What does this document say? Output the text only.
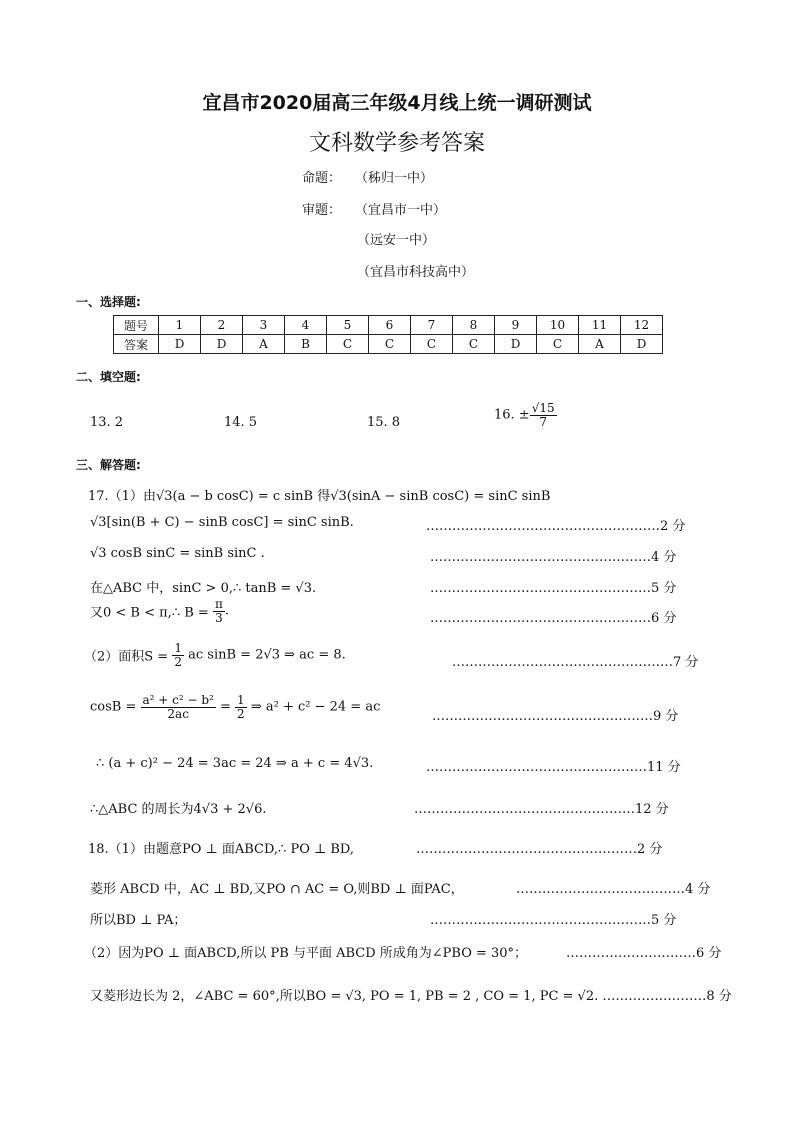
宜昌市2020届高三年级4月线上统一调研测试
文科数学参考答案
命题： （秭归一中）
审题： （宜昌市一中）
（远安一中）
（宜昌市科技高中）
一、选择题:
题号	1	2	3	4	5	6	7	8	9	10	11	12
答案	D	D	A	B	C	C	C	C	D	C	A	D
二、填空题:
13. 2	14. 5	15. 8	16. ± $\frac{√15}{7}$
三、解答题:
17.（1）由√3(a − b cosC) = c sinB 得√3(sinA − sinB cosC) = sinC sinB
√3[sin(B + C) − sinB cosC] = sinC sinB.	………………………………………………2 分
√3 cosB sinC = sinB sinC .	……………………………………………4 分
在△ABC 中，sinC > 0,∴ tanB = √3.	……………………………………………5 分
又0 < B < π,∴ $B = \frac{\pi}{3}$ .	……………………………………………6 分
（2）面积$S = \frac{1}{2}$ ac sinB = 2√3 ⇒ ac = 8.	……………………………………………7 分
$\cos B = \frac{\text{a² + c² − b²}}{2ac} = \frac{1}{2}$ ⇒ a² + c² − 24 = ac
……………………………………………9 分
∴ (a + c)² − 24 = 3ac = 24 ⇒ a + c = 4√3.	……………………………………………11 分
∴△ABC 的周长为4√3 + 2√6.	……………………………………………12 分
18.（1）由题意PO ⊥ 面ABCD,∴ PO ⊥ BD,	……………………………………………2 分
菱形 ABCD 中，AC ⊥ BD,又PO ∩ AC = O,则BD ⊥ 面PAC，	…………………………………4 分
所以BD ⊥ PA；	……………………………………………5 分
（2）因为PO ⊥ 面ABCD,所以 PB 与平面 ABCD 所成角为∠PBO = 30°；	…………………………6 分
又菱形边长为 2，∠ABC = 60°,所以BO = √3, PO = 1, PB = 2 , CO = 1, PC = √2. ……………………8 分
